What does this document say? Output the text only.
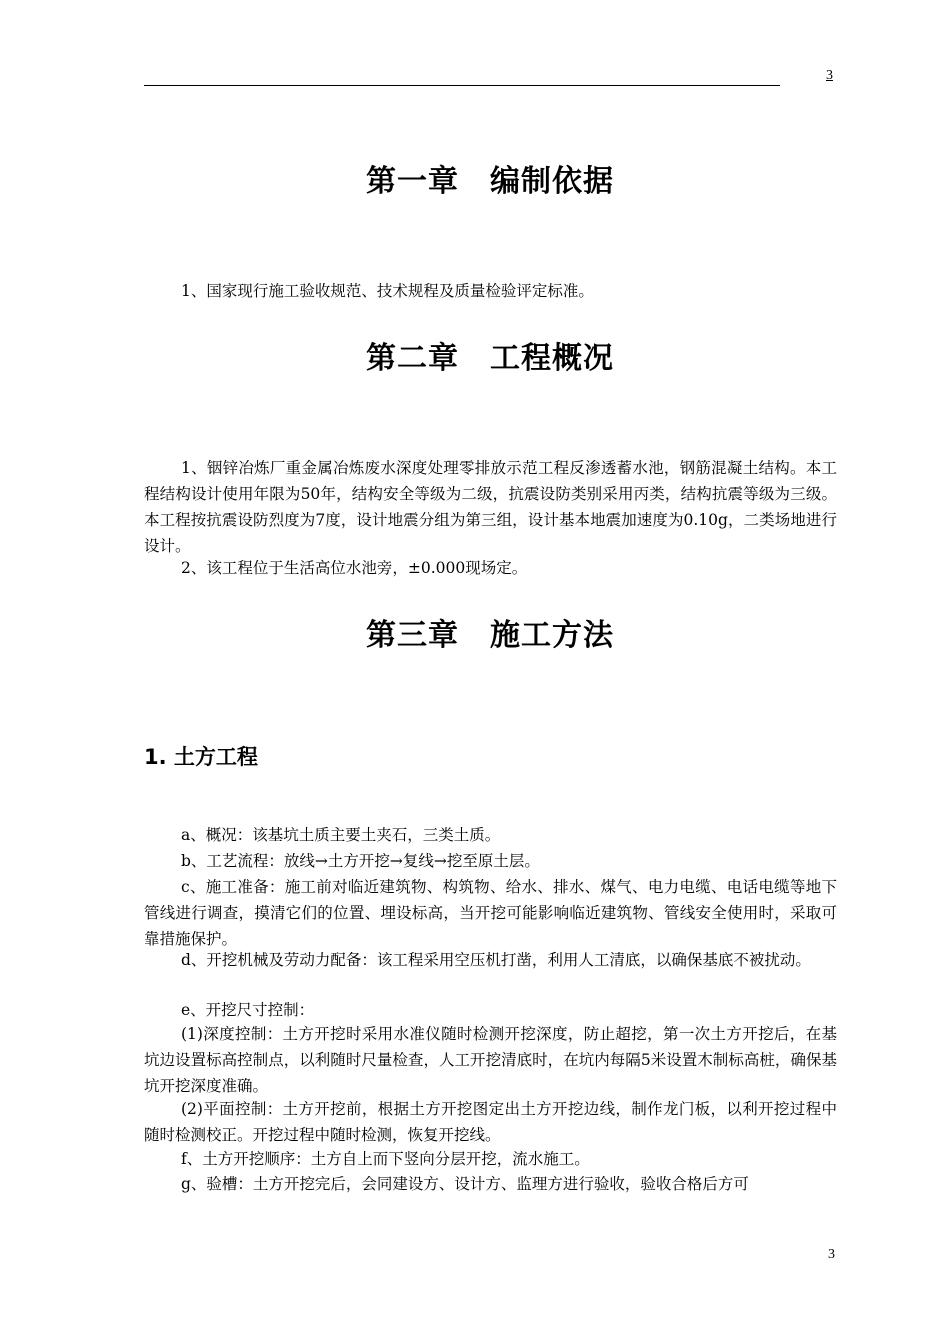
3
第一章　编制依据
1、国家现行施工验收规范、技术规程及质量检验评定标准。
第二章　工程概况
1、铟锌冶炼厂重金属冶炼废水深度处理零排放示范工程反渗透蓄水池，钢筋混凝土结构。本工程结构设计使用年限为50年，结构安全等级为二级，抗震设防类别采用丙类，结构抗震等级为三级。本工程按抗震设防烈度为7度，设计地震分组为第三组，设计基本地震加速度为0.10g，二类场地进行设计。
2、该工程位于生活高位水池旁，±0.000现场定。
第三章　施工方法
1. 土方工程
a、概况：该基坑土质主要土夹石，三类土质。
b、工艺流程：放线→土方开挖→复线→挖至原土层。
c、施工准备：施工前对临近建筑物、构筑物、给水、排水、煤气、电力电缆、电话电缆等地下管线进行调查，摸清它们的位置、埋设标高，当开挖可能影响临近建筑物、管线安全使用时，采取可靠措施保护。
d、开挖机械及劳动力配备：该工程采用空压机打凿，利用人工清底，以确保基底不被扰动。
e、开挖尺寸控制：
(1)深度控制：土方开挖时采用水准仪随时检测开挖深度，防止超挖，第一次土方开挖后，在基坑边设置标高控制点，以利随时尺量检查，人工开挖清底时，在坑内每隔5米设置木制标高桩，确保基坑开挖深度准确。
(2)平面控制：土方开挖前，根据土方开挖图定出土方开挖边线，制作龙门板，以利开挖过程中随时检测校正。开挖过程中随时检测，恢复开挖线。
f、土方开挖顺序：土方自上而下竖向分层开挖，流水施工。
g、验槽：土方开挖完后，会同建设方、设计方、监理方进行验收，验收合格后方可
3
